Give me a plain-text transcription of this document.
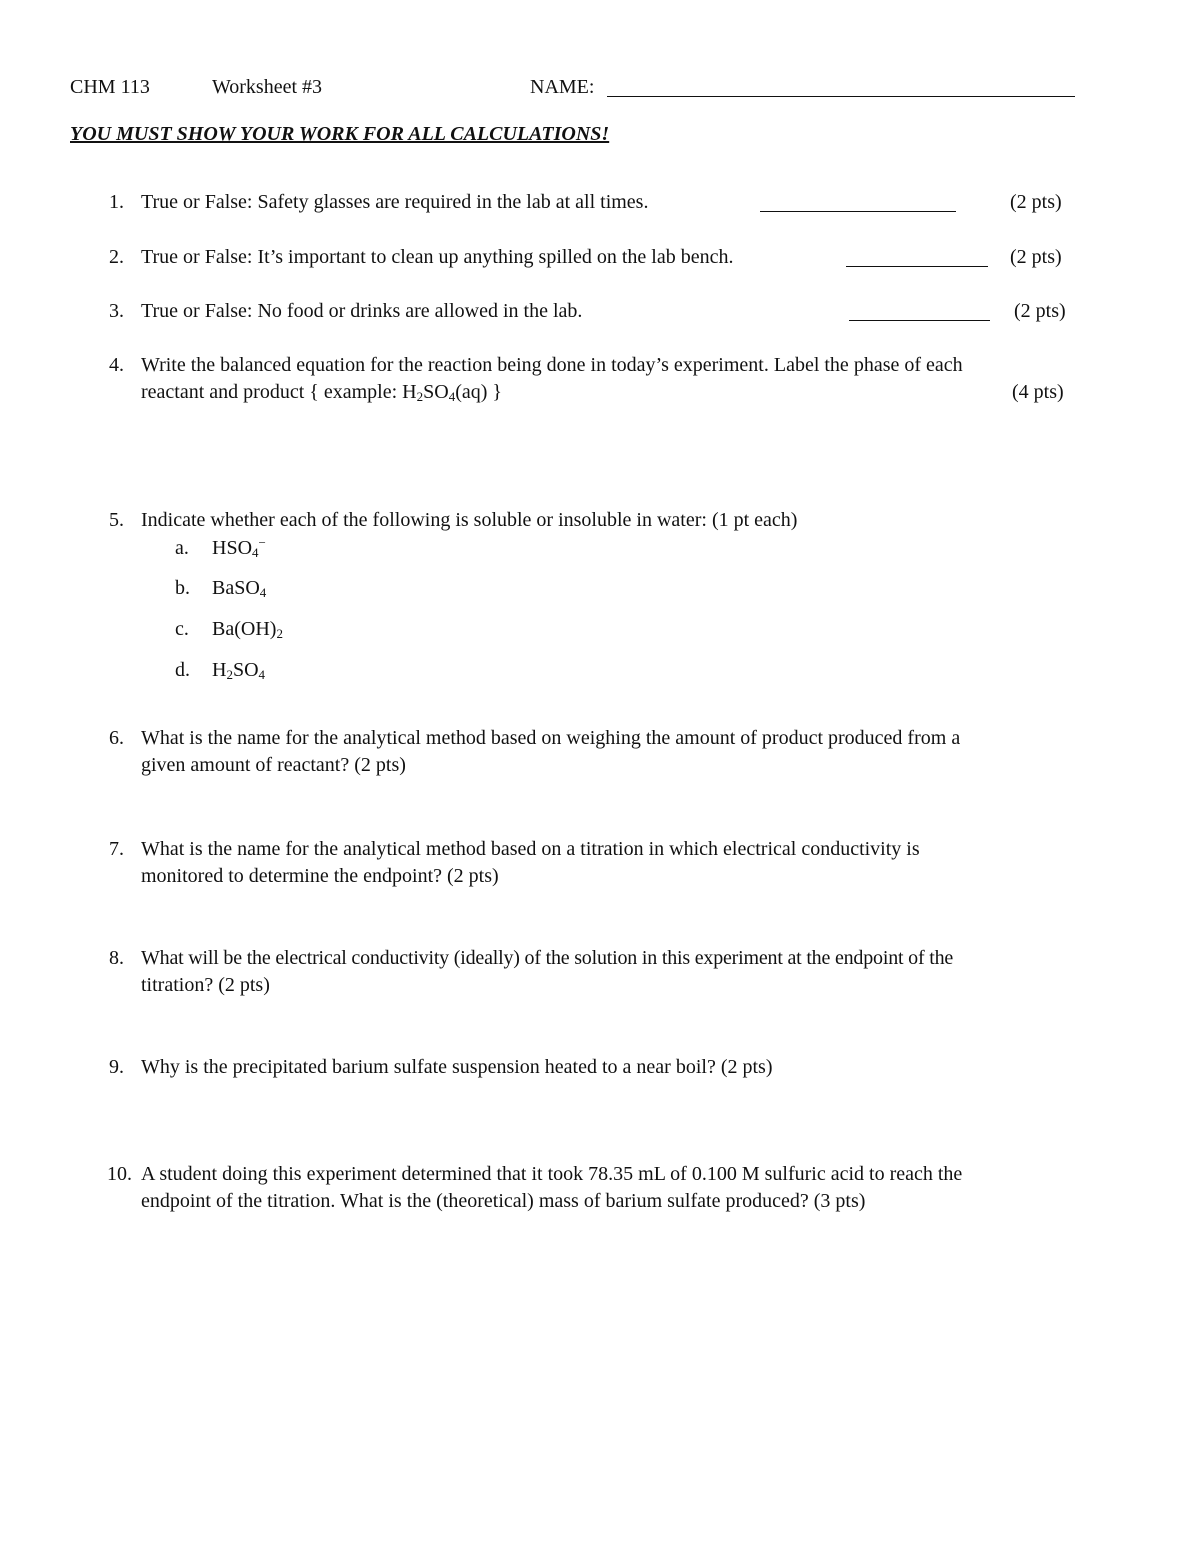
CHM 113	Worksheet #3	NAME:
YOU MUST SHOW YOUR WORK FOR ALL CALCULATIONS!
1. True or False: Safety glasses are required in the lab at all times.	(2 pts)
2. True or False: It’s important to clean up anything spilled on the lab bench.	(2 pts)
3. True or False: No food or drinks are allowed in the lab.	(2 pts)
4. Write the balanced equation for the reaction being done in today’s experiment. Label the phase of each
reactant and product { example: $H_2SO_4(aq)$ }	(4 pts)
5. Indicate whether each of the following is soluble or insoluble in water: (1 pt each)
a. $HSO_4^-$
b. BaSO$_4$
c. $Ba(OH)_2$
d. $H_2SO_4$
6. What is the name for the analytical method based on weighing the amount of product produced from a
given amount of reactant? (2 pts)
7. What is the name for the analytical method based on a titration in which electrical conductivity is
monitored to determine the endpoint? (2 pts)
8. What will be the electrical conductivity (ideally) of the solution in this experiment at the endpoint of the
titration? (2 pts)
9. Why is the precipitated barium sulfate suspension heated to a near boil? (2 pts)
10. A student doing this experiment determined that it took 78.35 mL of 0.100 M sulfuric acid to reach the
endpoint of the titration. What is the (theoretical) mass of barium sulfate produced? (3 pts)
